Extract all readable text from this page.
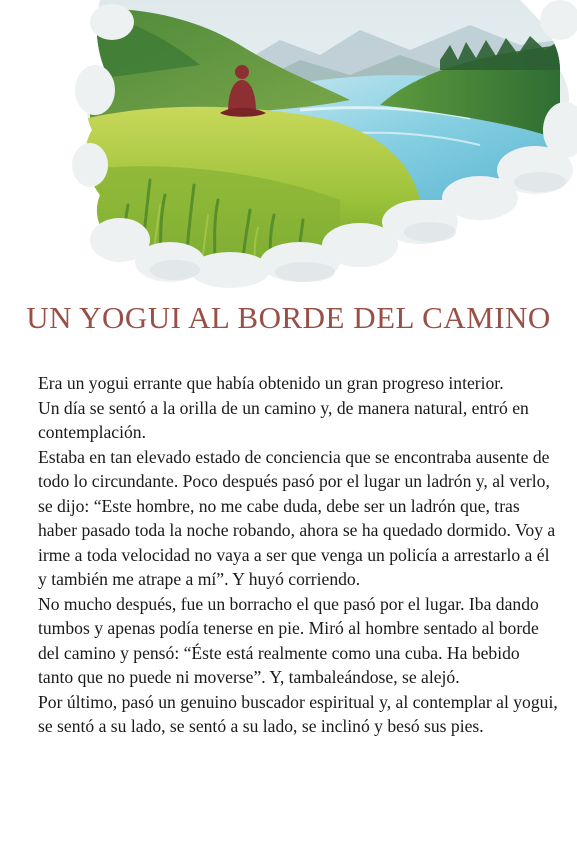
UN YOGUI AL BORDE DEL CAMINO

Era un yogui errante que había obtenido un gran progreso interior.

Un día se sentó a la orilla de un camino y, de manera natural, entró en contemplación.

Estaba en tan elevado estado de conciencia que se encontraba ausente de todo lo circundante. Poco después pasó por el lugar un ladrón y, al verlo, se dijo: “Este hombre, no me cabe duda, debe ser un ladrón que, tras haber pasado toda la noche robando, ahora se ha quedado dormido. Voy a irme a toda velocidad no vaya a ser que venga un policía a arrestarlo a él y también me atrape a mí”. Y huyó corriendo.

No mucho después, fue un borracho el que pasó por el lugar. Iba dando tumbos y apenas podía tenerse en pie. Miró al hombre sentado al borde del camino y pensó: “Éste está realmente como una cuba. Ha bebido tanto que no puede ni moverse”. Y, tambaleándose, se alejó.

Por último, pasó un genuino buscador espiritual y, al contemplar al yogui, se sentó a su lado, se sentó a su lado, se inclinó y besó sus pies.
